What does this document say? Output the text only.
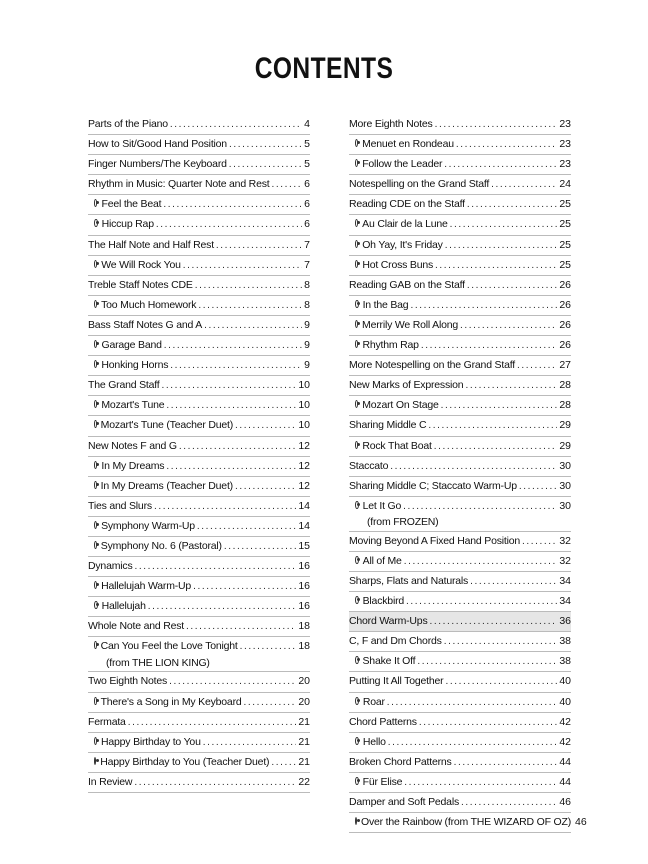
CONTENTS
Parts of the Piano .....	4
How to Sit/Good Hand Position .....	5
Finger Numbers/The Keyboard .....	5
Rhythm in Music: Quarter Note and Rest .....	6
Feel the Beat .....	6
Hiccup Rap .....	6
The Half Note and Half Rest .....	7
We Will Rock You .....	7
Treble Staff Notes CDE .....	8
Too Much Homework .....	8
Bass Staff Notes G and A .....	9
Garage Band .....	9
Honking Horns .....	9
The Grand Staff .....	10
Mozart's Tune .....	10
Mozart's Tune (Teacher Duet) .....	10
New Notes F and G .....	12
In My Dreams .....	12
In My Dreams (Teacher Duet) .....	12
Ties and Slurs .....	14
Symphony Warm-Up .....	14
Symphony No. 6 (Pastoral) .....	15
Dynamics .....	16
Hallelujah Warm-Up .....	16
Hallelujah .....	16
Whole Note and Rest .....	18
Can You Feel the Love Tonight .....	18
(from THE LION KING)
Two Eighth Notes .....	20
There's a Song in My Keyboard .....	20
Fermata .....	21
Happy Birthday to You .....	21
Happy Birthday to You (Teacher Duet) .....	21
In Review .....	22
More Eighth Notes .....	23
Menuet en Rondeau .....	23
Follow the Leader .....	23
Notespelling on the Grand Staff .....	24
Reading CDE on the Staff .....	25
Au Clair de la Lune .....	25
Oh Yay, It's Friday .....	25
Hot Cross Buns .....	25
Reading GAB on the Staff .....	26
In the Bag .....	26
Merrily We Roll Along .....	26
Rhythm Rap .....	26
More Notespelling on the Grand Staff .....	27
New Marks of Expression .....	28
Mozart On Stage .....	28
Sharing Middle C .....	29
Rock That Boat .....	29
Staccato .....	30
Sharing Middle C; Staccato Warm-Up .....	30
Let It Go .....	30
(from FROZEN)
Moving Beyond A Fixed Hand Position .....	32
All of Me .....	32
Sharps, Flats and Naturals .....	34
Blackbird .....	34
Chord Warm-Ups .....	36
C, F and Dm Chords .....	38
Shake It Off .....	38
Putting It All Together .....	40
Roar .....	40
Chord Patterns .....	42
Hello .....	42
Broken Chord Patterns .....	44
Für Elise .....	44
Damper and Soft Pedals .....	46
Over the Rainbow (from THE WIZARD OF OZ) 46
